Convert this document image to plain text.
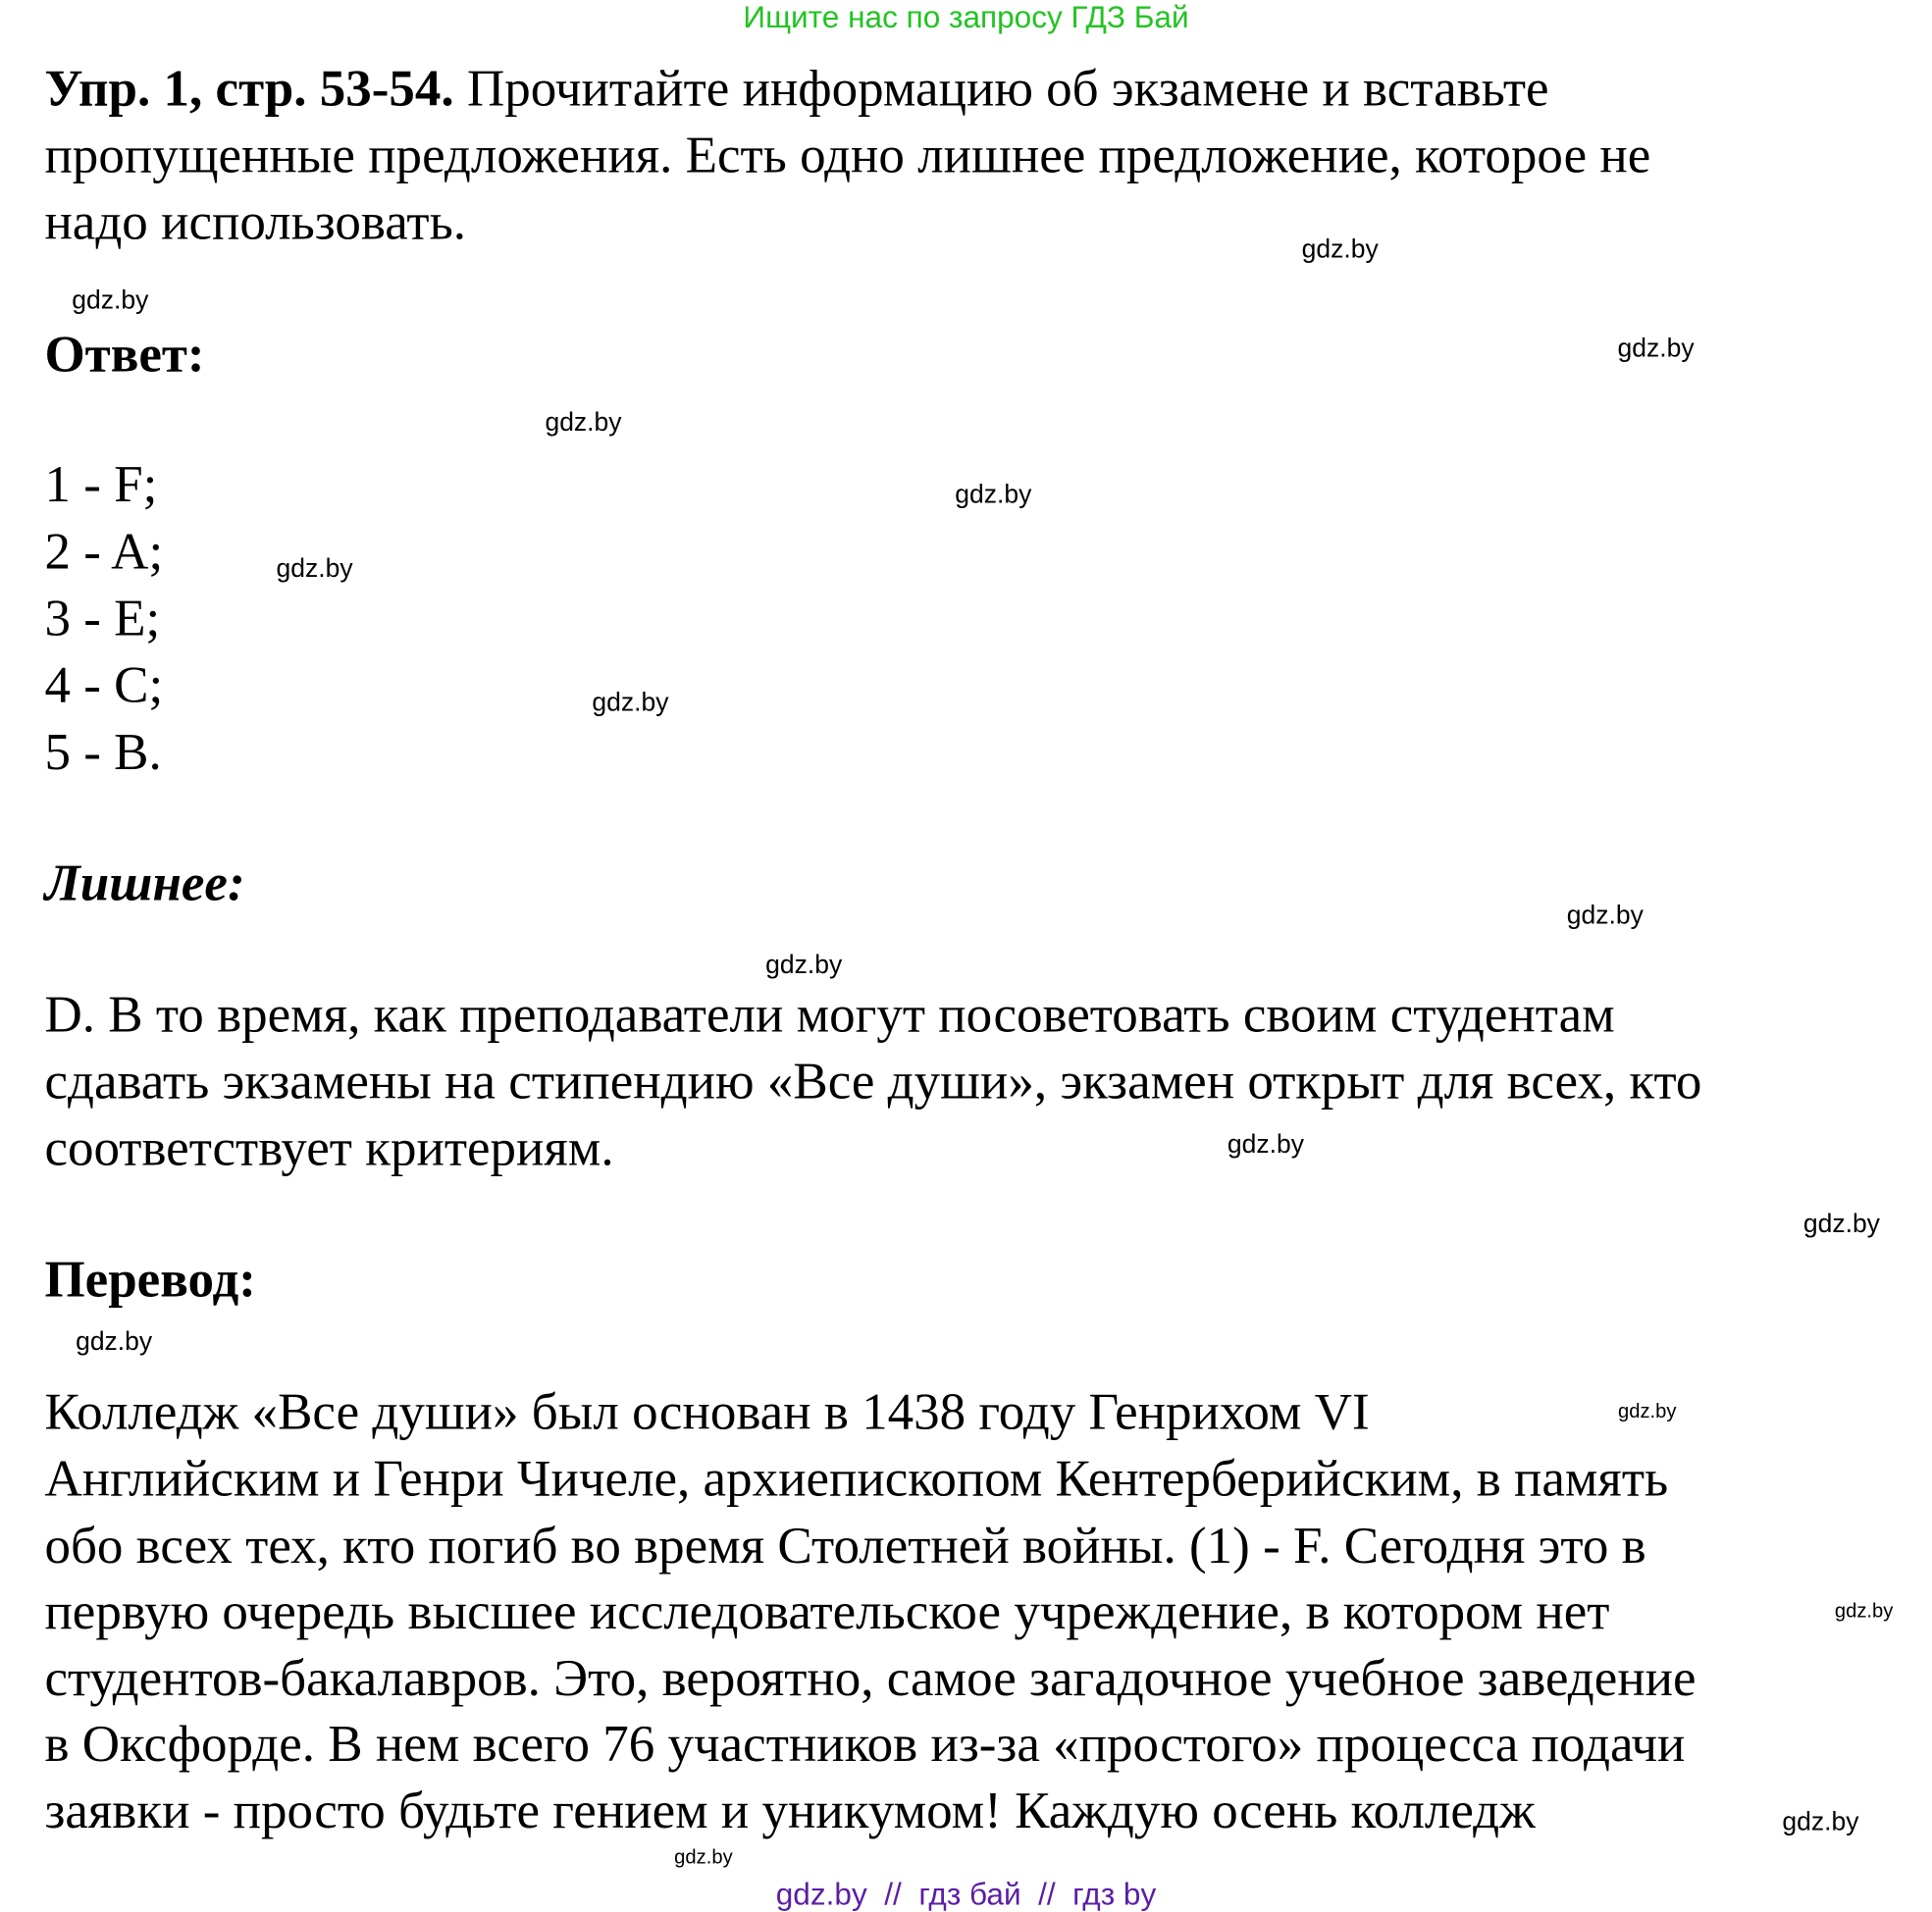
Ищите нас по запросу ГДЗ Бай
Упр. 1, стр. 53-54. Прочитайте информацию об экзамене и вставьте
пропущенные предложения. Есть одно лишнее предложение, которое не
надо использовать.
Ответ:
1 - F;
2 - A;
3 - E;
4 - C;
5 - B.
Лишнее:
D. В то время, как преподаватели могут посоветовать своим студентам
сдавать экзамены на стипендию «Все души», экзамен открыт для всех, кто
соответствует критериям.
Перевод:
Колледж «Все души» был основан в 1438 году Генрихом VI
Английским и Генри Чичеле, архиепископом Кентерберийским, в память
обо всех тех, кто погиб во время Столетней войны. (1) - F. Сегодня это в
первую очередь высшее исследовательское учреждение, в котором нет
студентов-бакалавров. Это, вероятно, самое загадочное учебное заведение
в Оксфорде. В нем всего 76 участников из-за «простого» процесса подачи
заявки - просто будьте гением и уникумом! Каждую осень колледж
gdz.by
gdz.by
gdz.by
gdz.by
gdz.by
gdz.by
gdz.by
gdz.by
gdz.by
gdz.by
gdz.by
gdz.by
gdz.by
gdz.by
gdz.by
gdz.by
gdz.by  //  гдз бай  //  гдз by
